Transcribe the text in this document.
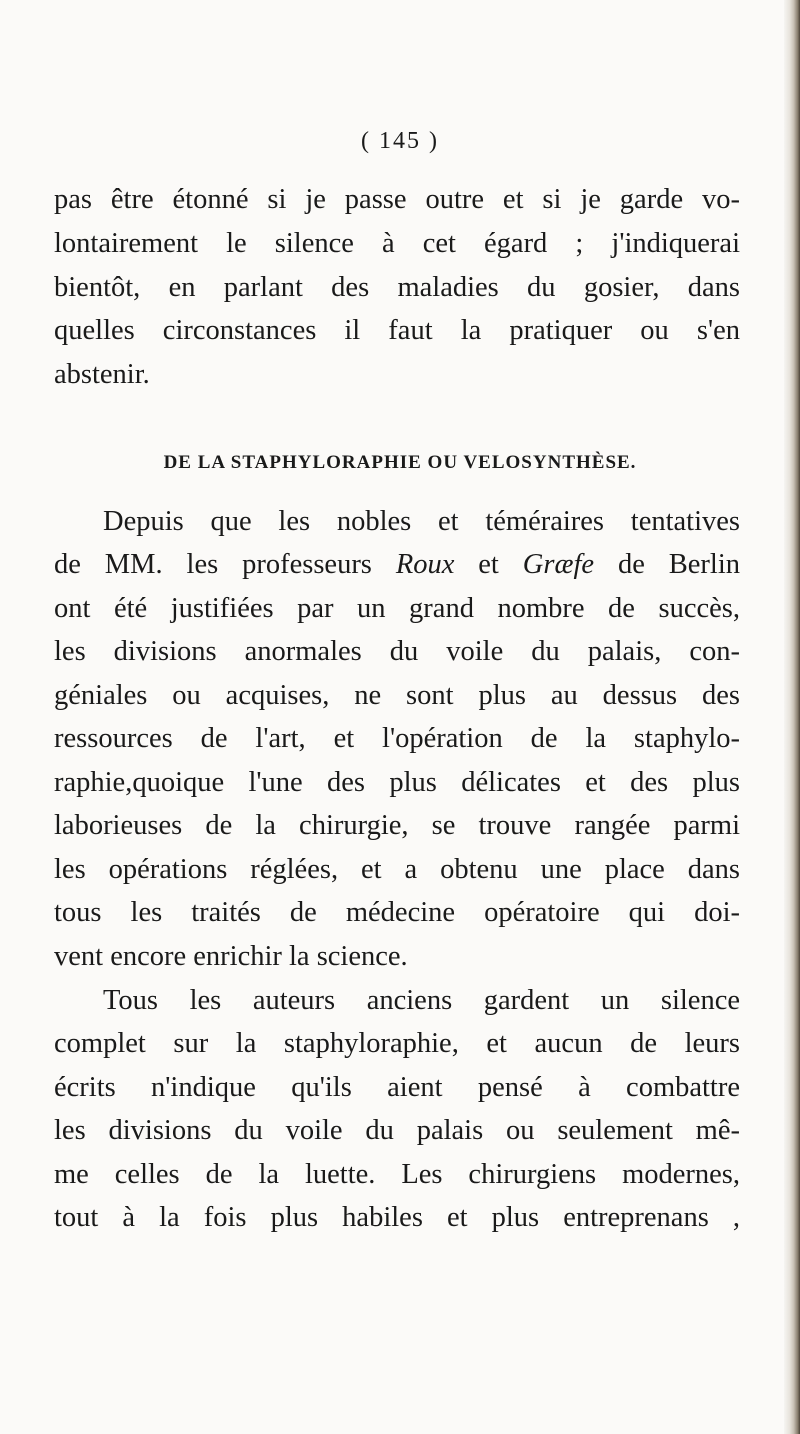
( 145 )
pas être étonné si je passe outre et si je garde vo-
lontairement le silence à cet égard ; j'indiquerai
bientôt, en parlant des maladies du gosier, dans
quelles circonstances il faut la pratiquer ou s'en
abstenir.
DE LA STAPHYLORAPHIE OU VELOSYNTHÈSE.
Depuis que les nobles et téméraires tentatives
de MM. les professeurs Roux et Græfe de Berlin
ont été justifiées par un grand nombre de succès,
les divisions anormales du voile du palais, con-
géniales ou acquises, ne sont plus au dessus des
ressources de l'art, et l'opération de la staphylo-
raphie,quoique l'une des plus délicates et des plus
laborieuses de la chirurgie, se trouve rangée parmi
les opérations réglées, et a obtenu une place dans
tous les traités de médecine opératoire qui doi-
vent encore enrichir la science.
Tous les auteurs anciens gardent un silence
complet sur la staphyloraphie, et aucun de leurs
écrits n'indique qu'ils aient pensé à combattre
les divisions du voile du palais ou seulement mê-
me celles de la luette. Les chirurgiens modernes,
tout à la fois plus habiles et plus entreprenans ,
